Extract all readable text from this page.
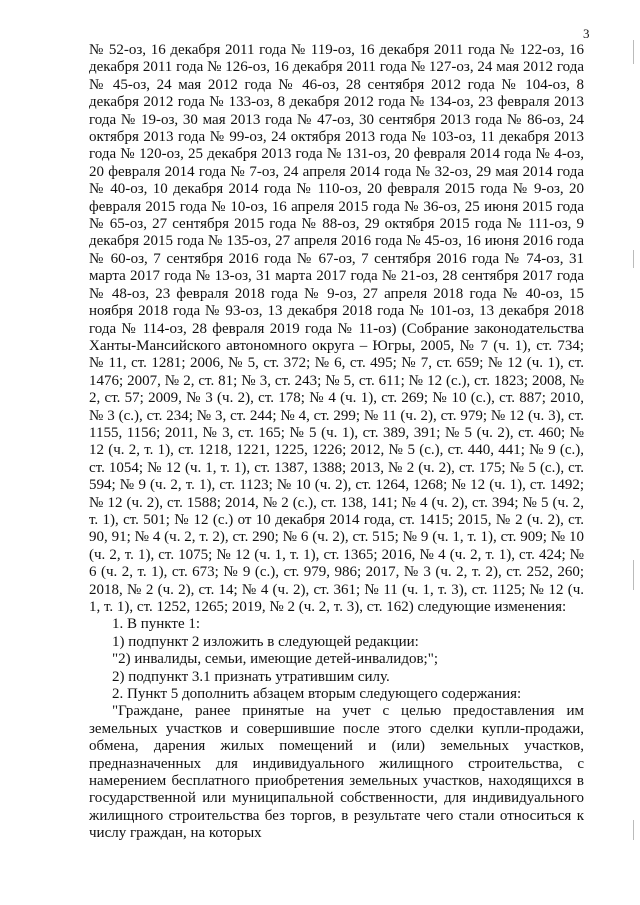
3

№ 52-оз, 16 декабря 2011 года № 119-оз, 16 декабря 2011 года № 122-оз, 16 декабря 2011 года № 126-оз, 16 декабря 2011 года № 127-оз, 24 мая 2012 года № 45-оз, 24 мая 2012 года № 46-оз, 28 сентября 2012 года № 104-оз, 8 декабря 2012 года № 133-оз, 8 декабря 2012 года № 134-оз, 23 февраля 2013 года № 19-оз, 30 мая 2013 года № 47-оз, 30 сентября 2013 года № 86-оз, 24 октября 2013 года № 99-оз, 24 октября 2013 года № 103-оз, 11 декабря 2013 года № 120-оз, 25 декабря 2013 года № 131-оз, 20 февраля 2014 года № 4-оз, 20 февраля 2014 года № 7-оз, 24 апреля 2014 года № 32-оз, 29 мая 2014 года № 40-оз, 10 декабря 2014 года № 110-оз, 20 февраля 2015 года № 9-оз, 20 февраля 2015 года № 10-оз, 16 апреля 2015 года № 36-оз, 25 июня 2015 года № 65-оз, 27 сентября 2015 года № 88-оз, 29 октября 2015 года № 111-оз, 9 декабря 2015 года № 135-оз, 27 апреля 2016 года № 45-оз, 16 июня 2016 года № 60-оз, 7 сентября 2016 года № 67-оз, 7 сентября 2016 года № 74-оз, 31 марта 2017 года № 13-оз, 31 марта 2017 года № 21-оз, 28 сентября 2017 года № 48-оз, 23 февраля 2018 года № 9-оз, 27 апреля 2018 года № 40-оз, 15 ноября 2018 года № 93-оз, 13 декабря 2018 года № 101-оз, 13 декабря 2018 года № 114-оз, 28 февраля 2019 года № 11-оз) (Собрание законодательства Ханты-Мансийского автономного округа – Югры, 2005, № 7 (ч. 1), ст. 734; № 11, ст. 1281; 2006, № 5, ст. 372; № 6, ст. 495; № 7, ст. 659; № 12 (ч. 1), ст. 1476; 2007, № 2, ст. 81; № 3, ст. 243; № 5, ст. 611; № 12 (с.), ст. 1823; 2008, № 2, ст. 57; 2009, № 3 (ч. 2), ст. 178; № 4 (ч. 1), ст. 269; № 10 (с.), ст. 887; 2010, № 3 (с.), ст. 234; № 3, ст. 244; № 4, ст. 299; № 11 (ч. 2), ст. 979; № 12 (ч. 3), ст. 1155, 1156; 2011, № 3, ст. 165; № 5 (ч. 1), ст. 389, 391; № 5 (ч. 2), ст. 460; № 12 (ч. 2, т. 1), ст. 1218, 1221, 1225, 1226; 2012, № 5 (с.), ст. 440, 441; № 9 (с.), ст. 1054; № 12 (ч. 1, т. 1), ст. 1387, 1388; 2013, № 2 (ч. 2), ст. 175; № 5 (с.), ст. 594; № 9 (ч. 2, т. 1), ст. 1123; № 10 (ч. 2), ст. 1264, 1268; № 12 (ч. 1), ст. 1492; № 12 (ч. 2), ст. 1588; 2014, № 2 (с.), ст. 138, 141; № 4 (ч. 2), ст. 394; № 5 (ч. 2, т. 1), ст. 501; № 12 (с.) от 10 декабря 2014 года, ст. 1415; 2015, № 2 (ч. 2), ст. 90, 91; № 4 (ч. 2, т. 2), ст. 290; № 6 (ч. 2), ст. 515; № 9 (ч. 1, т. 1), ст. 909; № 10 (ч. 2, т. 1), ст. 1075; № 12 (ч. 1, т. 1), ст. 1365; 2016, № 4 (ч. 2, т. 1), ст. 424; № 6 (ч. 2, т. 1), ст. 673; № 9 (с.), ст. 979, 986; 2017, № 3 (ч. 2, т. 2), ст. 252, 260; 2018, № 2 (ч. 2), ст. 14; № 4 (ч. 2), ст. 361; № 11 (ч. 1, т. 3), ст. 1125; № 12 (ч. 1, т. 1), ст. 1252, 1265; 2019, № 2 (ч. 2, т. 3), ст. 162) следующие изменения:

1. В пункте 1:

1) подпункт 2 изложить в следующей редакции:

"2) инвалиды, семьи, имеющие детей-инвалидов;";

2) подпункт 3.1 признать утратившим силу.

2. Пункт 5 дополнить абзацем вторым следующего содержания:

"Граждане, ранее принятые на учет с целью предоставления им земельных участков и совершившие после этого сделки купли-продажи, обмена, дарения жилых помещений и (или) земельных участков, предназначенных для индивидуального жилищного строительства, с намерением бесплатного приобретения земельных участков, находящихся в государственной или муниципальной собственности, для индивидуального жилищного строительства без торгов, в результате чего стали относиться к числу граждан, на которых
